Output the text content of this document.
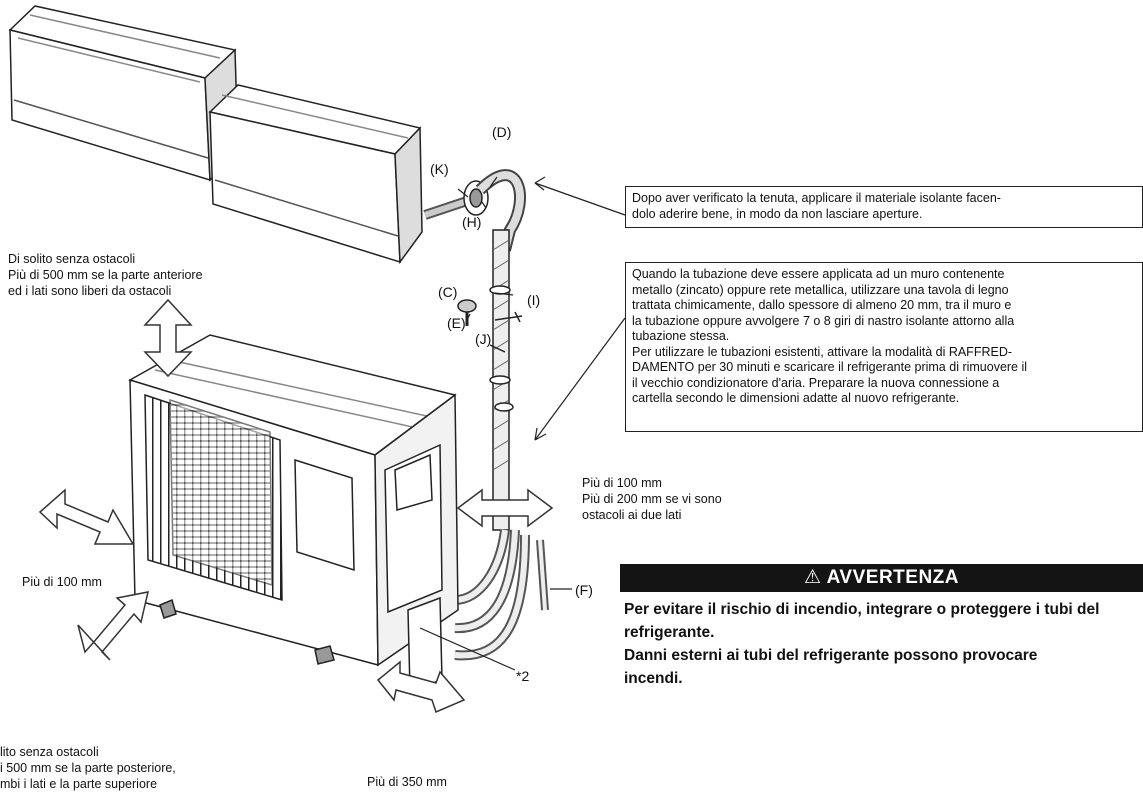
(K)
(D)
(H)
(C)
(E)
(I)
(J)
(F)
*2
Di solito senza ostacoli
Più di 500 mm se la parte anteriore
ed i lati sono liberi da ostacoli
Più di 100 mm
Più di 100 mm
Più di 200 mm se vi sono
ostacoli ai due lati
lito senza ostacoli
i 500 mm se la parte posteriore,
mbi i lati e la parte superiore	Più di 350 mm
Dopo aver verificato la tenuta, applicare il materiale isolante facen-
dolo aderire bene, in modo da non lasciare aperture.
Quando la tubazione deve essere applicata ad un muro contenente
metallo (zincato) oppure rete metallica, utilizzare una tavola di legno
trattata chimicamente, dallo spessore di almeno 20 mm, tra il muro e
la tubazione oppure avvolgere 7 o 8 giri di nastro isolante attorno alla
tubazione stessa.
Per utilizzare le tubazioni esistenti, attivare la modalità di RAFFRED-
DAMENTO per 30 minuti e scaricare il refrigerante prima di rimuovere il
il vecchio condizionatore d'aria. Preparare la nuova connessione a
cartella secondo le dimensioni adatte al nuovo refrigerante.
⚠ AVVERTENZA
Per evitare il rischio di incendio, integrare o proteggere i tubi del
refrigerante.
Danni esterni ai tubi del refrigerante possono provocare
incendi.
